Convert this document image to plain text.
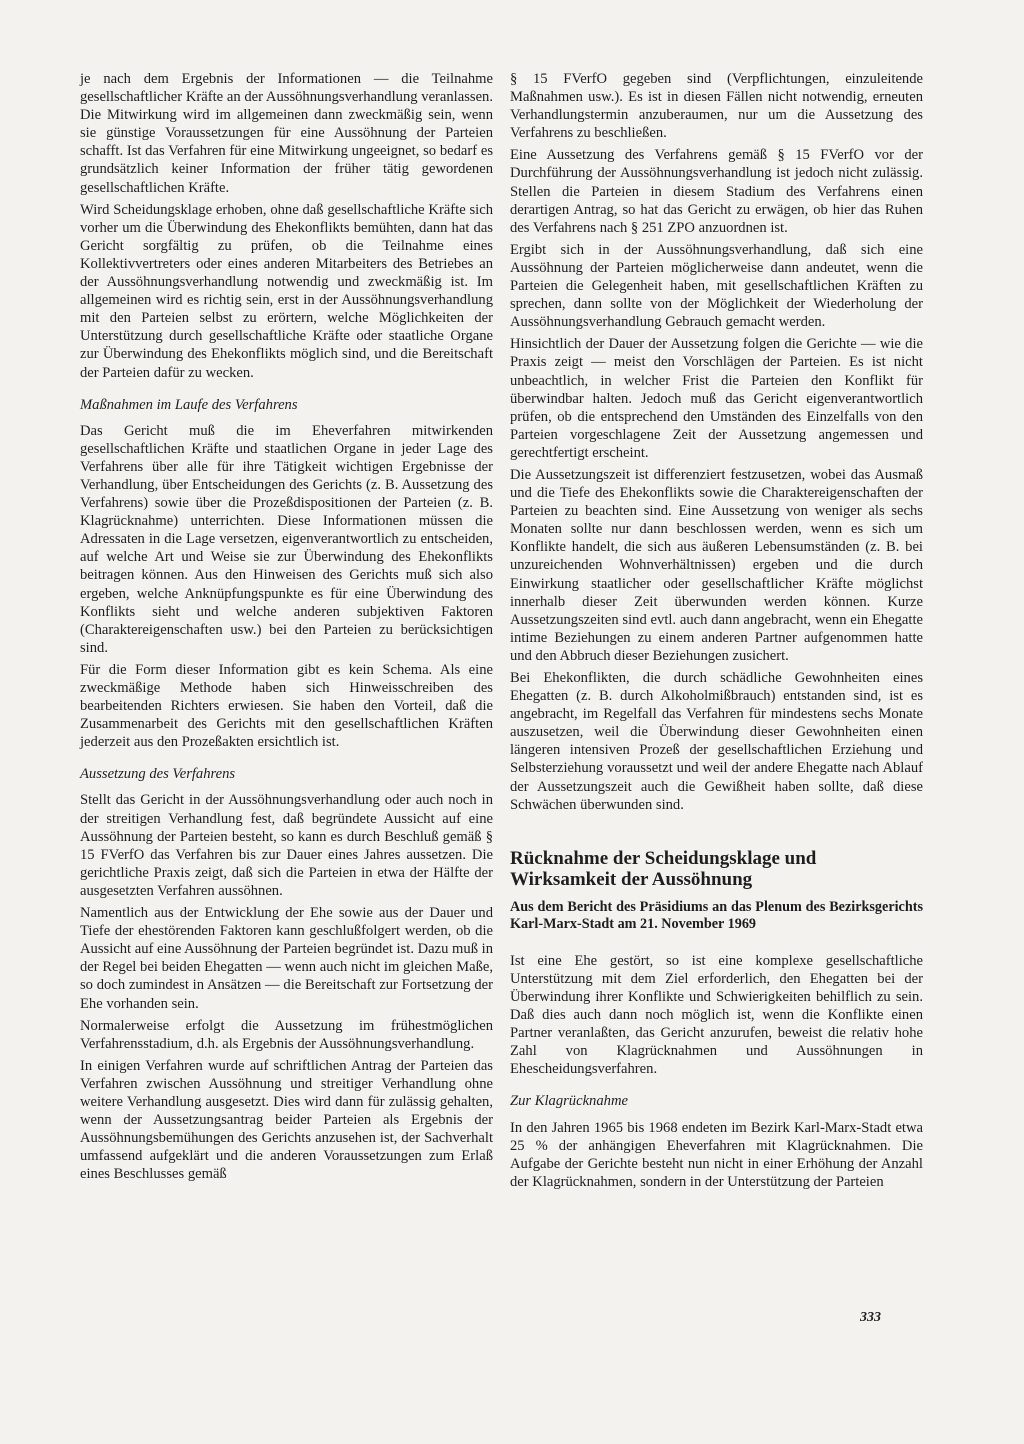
je nach dem Ergebnis der Informationen — die Teilnahme gesellschaftlicher Kräfte an der Aussöhnungsverhandlung veranlassen. Die Mitwirkung wird im allgemeinen dann zweckmäßig sein, wenn sie günstige Voraussetzungen für eine Aussöhnung der Parteien schafft. Ist das Verfahren für eine Mitwirkung ungeeignet, so bedarf es grundsätzlich keiner Information der früher tätig gewordenen gesellschaftlichen Kräfte.

Wird Scheidungsklage erhoben, ohne daß gesellschaftliche Kräfte sich vorher um die Überwindung des Ehekonflikts bemühten, dann hat das Gericht sorgfältig zu prüfen, ob die Teilnahme eines Kollektivvertreters oder eines anderen Mitarbeiters des Betriebes an der Aussöhnungsverhandlung notwendig und zweckmäßig ist. Im allgemeinen wird es richtig sein, erst in der Aussöhnungsverhandlung mit den Parteien selbst zu erörtern, welche Möglichkeiten der Unterstützung durch gesellschaftliche Kräfte oder staatliche Organe zur Überwindung des Ehekonflikts möglich sind, und die Bereitschaft der Parteien dafür zu wecken.

Maßnahmen im Laufe des Verfahrens

Das Gericht muß die im Eheverfahren mitwirkenden gesellschaftlichen Kräfte und staatlichen Organe in jeder Lage des Verfahrens über alle für ihre Tätigkeit wichtigen Ergebnisse der Verhandlung, über Entscheidungen des Gerichts (z. B. Aussetzung des Verfahrens) sowie über die Prozeßdispositionen der Parteien (z. B. Klagrücknahme) unterrichten. Diese Informationen müssen die Adressaten in die Lage versetzen, eigenverantwortlich zu entscheiden, auf welche Art und Weise sie zur Überwindung des Ehekonflikts beitragen können. Aus den Hinweisen des Gerichts muß sich also ergeben, welche Anknüpfungspunkte es für eine Überwindung des Konflikts sieht und welche anderen subjektiven Faktoren (Charaktereigenschaften usw.) bei den Parteien zu berücksichtigen sind.

Für die Form dieser Information gibt es kein Schema. Als eine zweckmäßige Methode haben sich Hinweisschreiben des bearbeitenden Richters erwiesen. Sie haben den Vorteil, daß die Zusammenarbeit des Gerichts mit den gesellschaftlichen Kräften jederzeit aus den Prozeßakten ersichtlich ist.

Aussetzung des Verfahrens

Stellt das Gericht in der Aussöhnungsverhandlung oder auch noch in der streitigen Verhandlung fest, daß begründete Aussicht auf eine Aussöhnung der Parteien besteht, so kann es durch Beschluß gemäß § 15 FVerfO das Verfahren bis zur Dauer eines Jahres aussetzen. Die gerichtliche Praxis zeigt, daß sich die Parteien in etwa der Hälfte der ausgesetzten Verfahren aussöhnen.

Namentlich aus der Entwicklung der Ehe sowie aus der Dauer und Tiefe der ehestörenden Faktoren kann geschlußfolgert werden, ob die Aussicht auf eine Aussöhnung der Parteien begründet ist. Dazu muß in der Regel bei beiden Ehegatten — wenn auch nicht im gleichen Maße, so doch zumindest in Ansätzen — die Bereitschaft zur Fortsetzung der Ehe vorhanden sein.

Normalerweise erfolgt die Aussetzung im frühestmöglichen Verfahrensstadium, d.h. als Ergebnis der Aussöhnungsverhandlung.

In einigen Verfahren wurde auf schriftlichen Antrag der Parteien das Verfahren zwischen Aussöhnung und streitiger Verhandlung ohne weitere Verhandlung ausgesetzt. Dies wird dann für zulässig gehalten, wenn der Aussetzungsantrag beider Parteien als Ergebnis der Aussöhnungsbemühungen des Gerichts anzusehen ist, der Sachverhalt umfassend aufgeklärt und die anderen Voraussetzungen zum Erlaß eines Beschlusses gemäß

§ 15 FVerfO gegeben sind (Verpflichtungen, einzuleitende Maßnahmen usw.). Es ist in diesen Fällen nicht notwendig, erneuten Verhandlungstermin anzuberaumen, nur um die Aussetzung des Verfahrens zu beschließen.

Eine Aussetzung des Verfahrens gemäß § 15 FVerfO vor der Durchführung der Aussöhnungsverhandlung ist jedoch nicht zulässig. Stellen die Parteien in diesem Stadium des Verfahrens einen derartigen Antrag, so hat das Gericht zu erwägen, ob hier das Ruhen des Verfahrens nach § 251 ZPO anzuordnen ist.

Ergibt sich in der Aussöhnungsverhandlung, daß sich eine Aussöhnung der Parteien möglicherweise dann andeutet, wenn die Parteien die Gelegenheit haben, mit gesellschaftlichen Kräften zu sprechen, dann sollte von der Möglichkeit der Wiederholung der Aussöhnungsverhandlung Gebrauch gemacht werden.

Hinsichtlich der Dauer der Aussetzung folgen die Gerichte — wie die Praxis zeigt — meist den Vorschlägen der Parteien. Es ist nicht unbeachtlich, in welcher Frist die Parteien den Konflikt für überwindbar halten. Jedoch muß das Gericht eigenverantwortlich prüfen, ob die entsprechend den Umständen des Einzelfalls von den Parteien vorgeschlagene Zeit der Aussetzung angemessen und gerechtfertigt erscheint.

Die Aussetzungszeit ist differenziert festzusetzen, wobei das Ausmaß und die Tiefe des Ehekonflikts sowie die Charaktereigenschaften der Parteien zu beachten sind. Eine Aussetzung von weniger als sechs Monaten sollte nur dann beschlossen werden, wenn es sich um Konflikte handelt, die sich aus äußeren Lebensumständen (z. B. bei unzureichenden Wohnverhältnissen) ergeben und die durch Einwirkung staatlicher oder gesellschaftlicher Kräfte möglichst innerhalb dieser Zeit überwunden werden können. Kurze Aussetzungszeiten sind evtl. auch dann angebracht, wenn ein Ehegatte intime Beziehungen zu einem anderen Partner aufgenommen hatte und den Abbruch dieser Beziehungen zusichert.

Bei Ehekonflikten, die durch schädliche Gewohnheiten eines Ehegatten (z. B. durch Alkoholmißbrauch) entstanden sind, ist es angebracht, im Regelfall das Verfahren für mindestens sechs Monate auszusetzen, weil die Überwindung dieser Gewohnheiten einen längeren intensiven Prozeß der gesellschaftlichen Erziehung und Selbsterziehung voraussetzt und weil der andere Ehegatte nach Ablauf der Aussetzungszeit auch die Gewißheit haben sollte, daß diese Schwächen überwunden sind.

Rücknahme der Scheidungsklage und Wirksamkeit der Aussöhnung
Aus dem Bericht des Präsidiums an das Plenum des Bezirksgerichts Karl-Marx-Stadt am 21. November 1969

Ist eine Ehe gestört, so ist eine komplexe gesellschaftliche Unterstützung mit dem Ziel erforderlich, den Ehegatten bei der Überwindung ihrer Konflikte und Schwierigkeiten behilflich zu sein. Daß dies auch dann noch möglich ist, wenn die Konflikte einen Partner veranlaßten, das Gericht anzurufen, beweist die relativ hohe Zahl von Klagrücknahmen und Aussöhnungen in Ehescheidungsverfahren.

Zur Klagrücknahme

In den Jahren 1965 bis 1968 endeten im Bezirk Karl-Marx-Stadt etwa 25 % der anhängigen Eheverfahren mit Klagrücknahmen. Die Aufgabe der Gerichte besteht nun nicht in einer Erhöhung der Anzahl der Klagrücknahmen, sondern in der Unterstützung der Parteien

333
